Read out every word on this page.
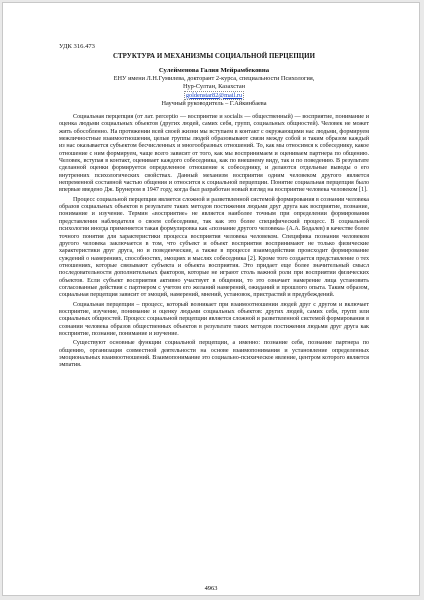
УДК 316.473
СТРУКТУРА И МЕХАНИЗМЫ СОЦИАЛЬНОЙ ПЕРЦЕПЦИИ
Сулейменова Галия Мейрамбековна
ЕНУ имени Л.Н.Гумилева, докторант 2-курса, специальности Психология,
Нур-Султан, Казахстан
goldenstar82@mail.ru
Научный руководитель – Г.Айкинбаева

Социальная перцепция (от лат. perceptio — восприятие и socialis — общественный) — восприятие, понимание и оценка людьми социальных объектов (других людей, самих себя, групп, социальных общностей). Человек не может жить обособленно. На протяжении всей своей жизни мы вступаем в контакт с окружающими нас людьми, формируем межличностные взаимоотношения, целые группы людей образовывают связи между собой и таким образом каждый из нас оказывается субъектом бесчисленных и многообразных отношений. То, как мы относимся к собеседнику, какое отношение с ним формируем, чаще всего зависит от того, как мы воспринимаем и оцениваем партнера по общению. Человек, вступая в контакт, оценивает каждого собеседника, как по внешнему виду, так и по поведению. В результате сделанной оценки формируется определенное отношение к собеседнику, и делаются отдельные выводы о его внутренних психологических свойствах. Данный механизм восприятия одним человеком другого является непременной составной частью общения и относится к социальной перцепции. Понятие социальная перцепция было впервые введено Дж. Брунером в 1947 году, когда был разработан новый взгляд на восприятие человека человеком [1].

Процесс социальной перцепции является сложной и разветвленной системой формирования в сознании человека образов социальных объектов в результате таких методов постижения людьми друг друга как восприятие, познание, понимание и изучение. Термин «восприятие» не является наиболее точным при определении формирования представления наблюдателя о своем собеседнике, так как это более специфический процесс. В социальной психологии иногда применяется такая формулировка как «познание другого человека» (А.А. Бодалев) в качестве более точного понятия для характеристики процесса восприятия человека человеком. Специфика познания человеком другого человека заключается в том, что субъект и объект восприятия воспринимают не только физические характеристики друг друга, но и поведенческие, а также в процессе взаимодействия происходит формирование суждений о намерениях, способностях, эмоциях и мыслях собеседника [2]. Кроме того создается представление о тех отношениях, которые связывают субъекта и объекта восприятия. Это придает еще более значительный смысл последовательности дополнительных факторов, которые не играют столь важной роли при восприятии физических объектов. Если субъект восприятия активно участвует в общении, то это означает намерение лица установить согласованные действия с партнером с учетом его желаний намерений, ожиданий и прошлого опыта. Таким образом, социальная перцепция зависит от эмоций, намерений, мнений, установок, пристрастий и предубеждений.

Социальная перцепция – процесс, который возникает при взаимоотношении людей друг с другом и включает восприятие, изучение, понимание и оценку людьми социальных объектов: других людей, самих себя, групп или социальных общностей. Процесс социальной перцепции является сложной и разветвленной системой формирования в сознании человека образов общественных объектов в результате таких методов постижения людьми друг друга как восприятие, познание, понимание и изучение.

Существуют основные функции социальной перцепции, а именно: познание себя, познание партнера по общению, организация совместной деятельности на основе взаимопонимания и установление определенных эмоциональных взаимоотношений. Взаимопонимание это социально-психическое явление, центром которого является эмпатия.

4963
